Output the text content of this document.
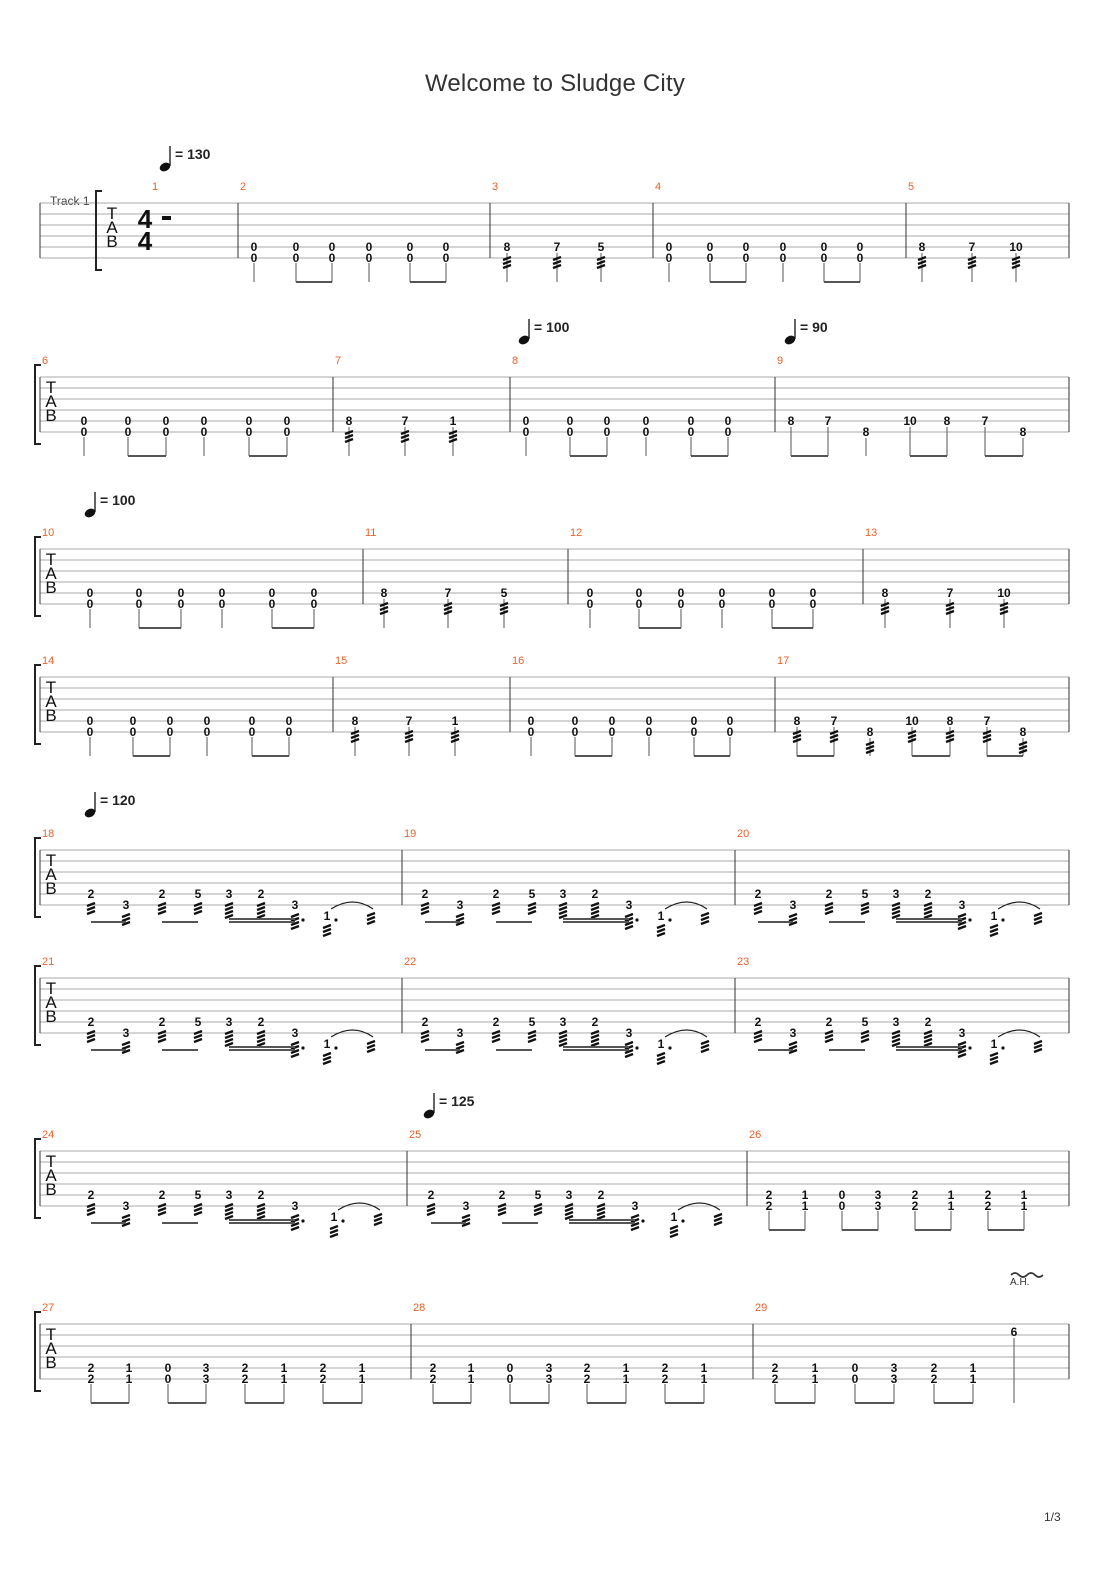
Welcome to Sludge City
Track 1
1/3
T
A
B
1	2
0
0
0
0
0
0
0
0
0
0
0
0
3
8	7	5
4
0
0
0
0
0
0
0
0
0
0
0
0
5
8	7	10
4
4
T
A
B
6
0
0
0
0
0
0
0
0
0
0
0
0
7
8	7	1
8
0
0
0
0
0
0
0
0
0
0
0
0
9
8	7
8
10 8	7
8
T
A
B
10
0
0
0
0
0
0
0
0
0
0
0
0
11
8	7	5
12
0
0
0
0
0
0
0
0
0
0
0
0
13
8	7	10
T
A
B
14
0
0
0
0
0
0
0
0
0
0
0
0
15
8	7	1
16
0
0
0
0
0
0
0
0
0
0
0
0
17
8	7
8
10 8	7
8
T
A
B
18
2
3
2 5 3 2
3
1
19
2
3
2 5 3 2
3
1
20
2
3
2 5 3 2
3
1
T
A
B
21
2
3
2 5 3 2
3
1
22
2
3
2 5 3 2
3
1
23
2
3
2 5 3 2
3
1
T
A
B
24
2
3
2 5 3 2
3
1
25
2
3
2 5 3 2
3
1
26
2
2
1
1
0
0
3
3
2
2
1
1
2
2
1
1
T
A
B
27
2
2
1
1
0
0
3
3
2
2
1
1
2
2
1
1
28
2
2
1
1
0
0
3
3
2
2
1
1
2
2
1
1
29
2
2
1
1
0
0
3
3
2
2
1
1
6
= 130
= 100	= 90
= 100
= 120
= 125
A.H.
